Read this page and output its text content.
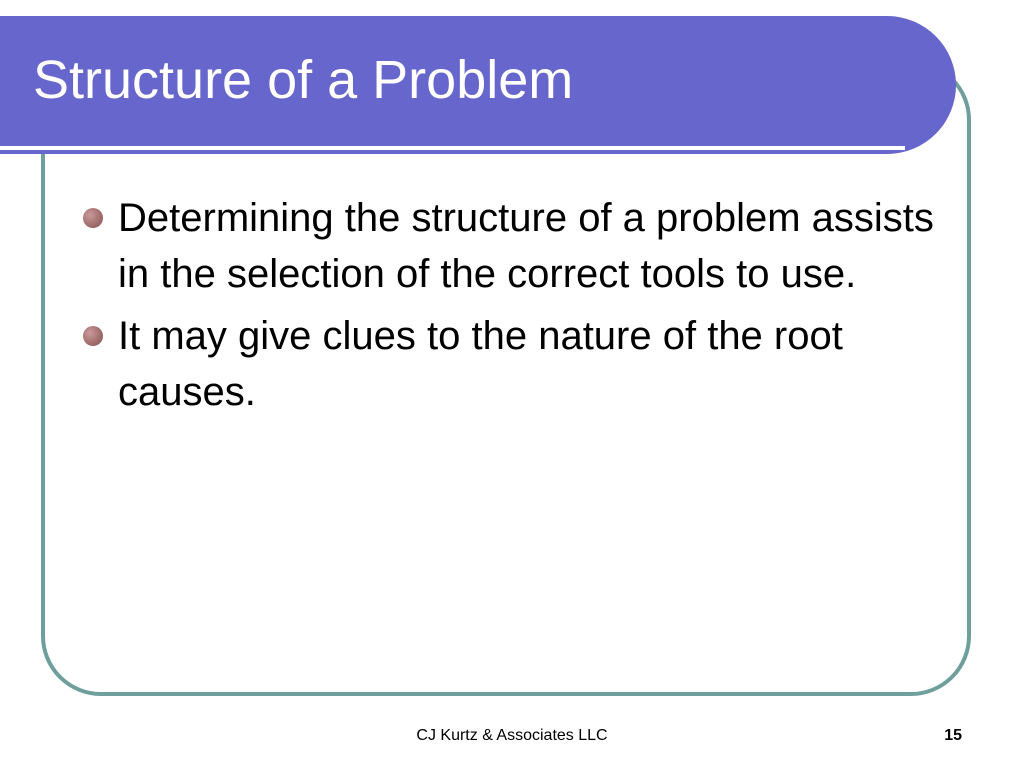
Structure of a Problem
Determining the structure of a problem assists in the selection of the correct tools to use.
It may give clues to the nature of the root causes.

CJ Kurtz & Associates LLC	15
